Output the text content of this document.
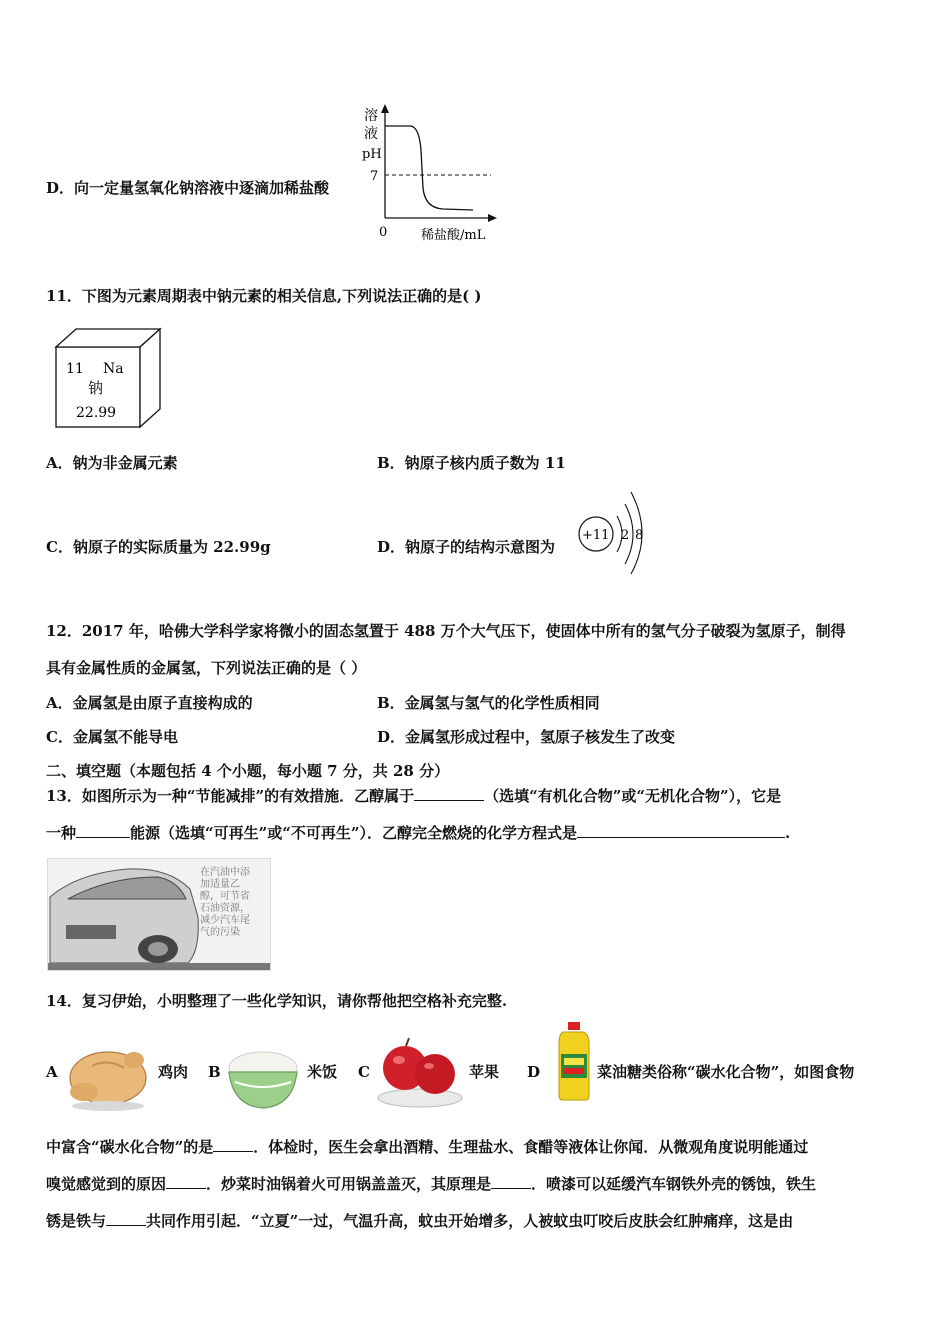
D．向一定量氢氧化钠溶液中逐滴加稀盐酸
溶
液
pH
7
0	稀盐酸/mL
11．下图为元素周期表中钠元素的相关信息,下列说法正确的是( )
11 Na
钠
22.99
A．钠为非金属元素	B．钠原子核内质子数为 11
C．钠原子的实际质量为 22.99g	D．钠原子的结构示意图为
+11 2 8
12．2017 年，哈佛大学科学家将微小的固态氢置于 488 万个大气压下，使固体中所有的氢气分子破裂为氢原子，制得
具有金属性质的金属氢，下列说法正确的是（ ）
A．金属氢是由原子直接构成的	B．金属氢与氢气的化学性质相同
C．金属氢不能导电	D．金属氢形成过程中，氢原子核发生了改变
二、填空题（本题包括 4 个小题，每小题 7 分，共 28 分）
13．如图所示为一种“节能减排”的有效措施．乙醇属于	（选填“有机化合物”或“无机化合物”），它是
一种	能源（选填“可再生”或“不可再生”）．乙醇完全燃烧的化学方程式是	.
在汽油中添
加适量乙
醇，可节省
石油资源，
减少汽车尾
气的污染
14．复习伊始，小明整理了一些化学知识，请你帮他把空格补充完整.
A	鸡肉 B	米饭 C	苹果 D	菜油糖类俗称“碳水化合物”，如图食物
中富含“碳水化合物”的是	．体检时，医生会拿出酒精、生理盐水、食醋等液体让你闻．从微观角度说明能通过
嗅觉感觉到的原因	．炒菜时油锅着火可用锅盖盖灭，其原理是	．喷漆可以延缓汽车钢铁外壳的锈蚀，铁生
锈是铁与	共同作用引起．“立夏”一过，气温升高，蚊虫开始增多，人被蚊虫叮咬后皮肤会红肿痛痒，这是由
